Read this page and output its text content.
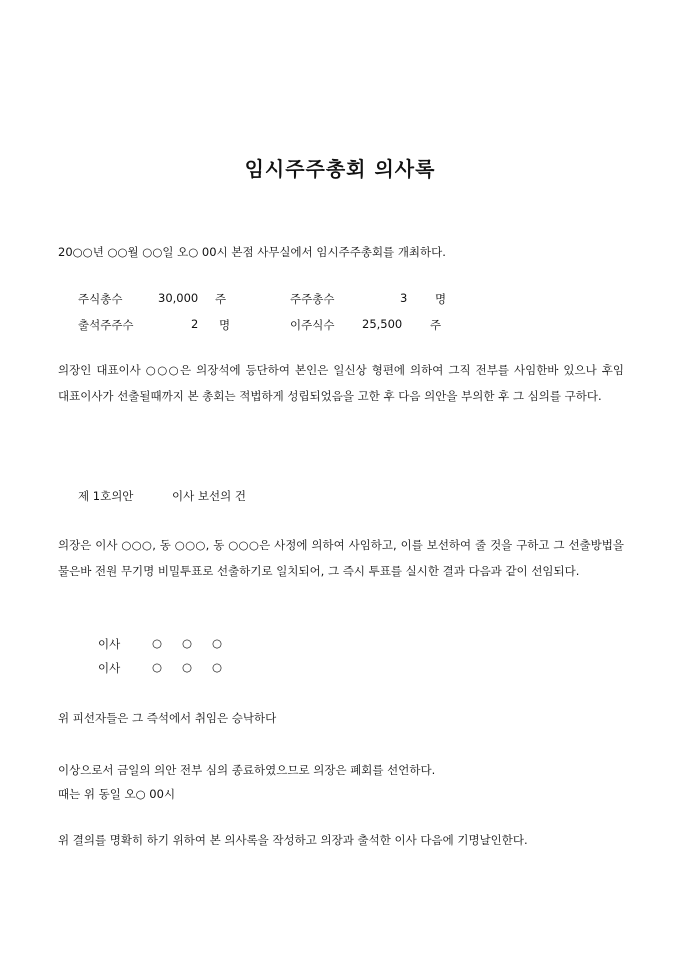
임시주주총회 의사록
20○○년 ○○월 ○○일 오○ 00시 본점 사무실에서 임시주주총회를 개최하다.
주식총수	30,000 주	주주총수	3 명
출석주주수	2 명	이주식수 25,500 주
의장인 대표이사 ○○○은 의장석에 등단하여 본인은 일신상 형편에 의하여 그직 전부를 사임한바 있으나 후임 대표이사가 선출될때까지 본 총회는 적법하게 성립되었음을 고한 후 다음 의안을 부의한 후 그 심의를 구하다.
제 1호의안	이사 보선의 건
의장은 이사 ○○○, 동 ○○○, 동 ○○○은 사정에 의하여 사임하고, 이를 보선하여 줄 것을 구하고 그 선출방법을 물은바 전원 무기명 비밀투표로 선출하기로 일치되어, 그 즉시 투표를 실시한 결과 다음과 같이 선임되다.
이사	○ ○ ○
이사	○ ○ ○
위 피선자들은 그 즉석에서 취임은 승낙하다
이상으로서 금일의 의안 전부 심의 종료하였으므로 의장은 폐회를 선언하다.
때는 위 동일 오○ 00시
위 결의를 명확히 하기 위하여 본 의사록을 작성하고 의장과 출석한 이사 다음에 기명날인한다.
